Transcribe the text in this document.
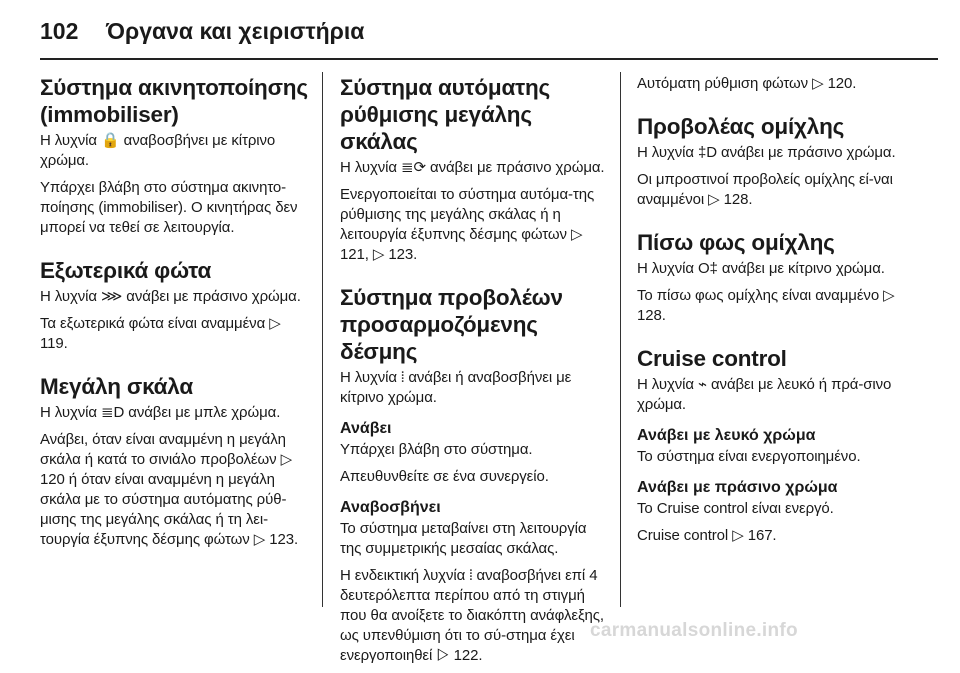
102 Όργανα και χειριστήρια
Σύστημα ακινητοποίησης (immobiliser)

Η λυχνία 🔒 αναβοσβήνει με κίτρινο χρώμα.

Υπάρχει βλάβη στο σύστημα ακινητο‐ποίησης (immobiliser). Ο κινητήρας δεν μπορεί να τεθεί σε λειτουργία.

Εξωτερικά φώτα

Η λυχνία ⋙ ανάβει με πράσινο χρώμα.

Τα εξωτερικά φώτα είναι αναμμένα ▷ 119.

Μεγάλη σκάλα

Η λυχνία ≣D ανάβει με μπλε χρώμα.

Ανάβει, όταν είναι αναμμένη η μεγάλη σκάλα ή κατά το σινιάλο προβολέων ▷ 120 ή όταν είναι αναμμένη η μεγάλη σκάλα με το σύστημα αυτόματης ρύθ‐μισης της μεγάλης σκάλας ή τη λει‐τουργία έξυπνης δέσμης φώτων ▷ 123.

Σύστημα αυτόματης ρύθμισης μεγάλης σκάλας

Η λυχνία ≣⟳ ανάβει με πράσινο χρώμα.

Ενεργοποιείται το σύστημα αυτόμα‐της ρύθμισης της μεγάλης σκάλας ή η λειτουργία έξυπνης δέσμης φώτων ▷ 121, ▷ 123.

Σύστημα προβολέων προσαρμοζόμενης δέσμης

Η λυχνία ⦙ ανάβει ή αναβοσβήνει με κίτρινο χρώμα.

Ανάβει

Υπάρχει βλάβη στο σύστημα.

Απευθυνθείτε σε ένα συνεργείο.

Αναβοσβήνει

Το σύστημα μεταβαίνει στη λειτουργία της συμμετρικής μεσαίας σκάλας.

Η ενδεικτική λυχνία ⦙ αναβοσβήνει επί 4 δευτερόλεπτα περίπου από τη στιγμή που θα ανοίξετε το διακόπτη ανάφλεξης, ως υπενθύμιση ότι το σύ‐στημα έχει ενεργοποιηθεί ▷ 122.

Αυτόματη ρύθμιση φώτων ▷ 120.

Προβολέας ομίχλης

Η λυχνία ‡D ανάβει με πράσινο χρώμα.

Οι μπροστινοί προβολείς ομίχλης εί‐ναι αναμμένοι ▷ 128.

Πίσω φως ομίχλης

Η λυχνία O‡ ανάβει με κίτρινο χρώμα.

Το πίσω φως ομίχλης είναι αναμμένο ▷ 128.

Cruise control

Η λυχνία ⌁ ανάβει με λευκό ή πρά‐σινο χρώμα.

Ανάβει με λευκό χρώμα

Το σύστημα είναι ενεργοποιημένο.

Ανάβει με πράσινο χρώμα

Το Cruise control είναι ενεργό.

Cruise control ▷ 167.

carmanualsonline.info
